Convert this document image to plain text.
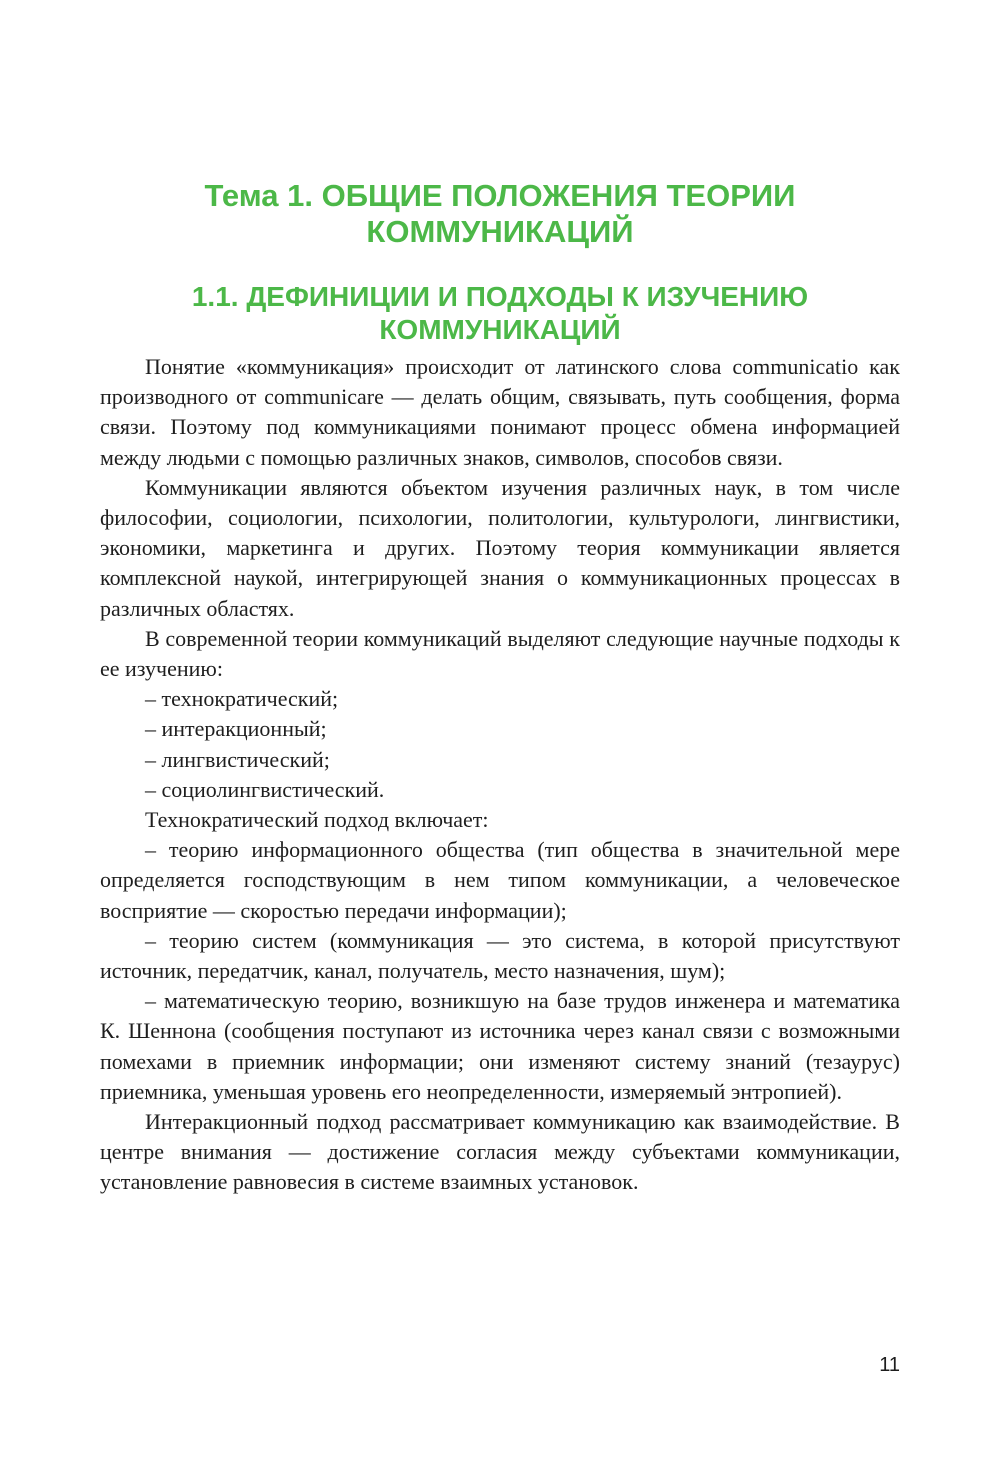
Тема 1. ОБЩИЕ ПОЛОЖЕНИЯ ТЕОРИИ
КОММУНИКАЦИЙ
1.1. ДЕФИНИЦИИ И ПОДХОДЫ К ИЗУЧЕНИЮ
КОММУНИКАЦИЙ

Понятие «коммуникация» происходит от латинского слова communicatio как производного от communicare — делать общим, связывать, путь сообщения, форма связи. Поэтому под коммуникациями понимают процесс обмена информацией между людьми с помощью различных знаков, символов, способов связи.

Коммуникации являются объектом изучения различных наук, в том числе философии, социологии, психологии, политологии, культурологи, лингвистики, экономики, маркетинга и других. Поэтому теория коммуникации является комплексной наукой, интегрирующей знания о коммуникационных процессах в различных областях.

В современной теории коммуникаций выделяют следующие научные подходы к ее изучению:

– технократический;

– интеракционный;

– лингвистический;

– социолингвистический.

Технократический подход включает:

– теорию информационного общества (тип общества в значительной мере определяется господствующим в нем типом коммуникации, а человеческое восприятие — скоростью передачи информации);

– теорию систем (коммуникация — это система, в которой присутствуют источник, передатчик, канал, получатель, место назначения, шум);

– математическую теорию, возникшую на базе трудов инженера и математика К. Шеннона (сообщения поступают из источника через канал связи с возможными помехами в приемник информации; они изменяют систему знаний (тезаурус) приемника, уменьшая уровень его неопределенности, измеряемый энтропией).

Интеракционный подход рассматривает коммуникацию как взаимодействие. В центре внимания — достижение согласия между субъектами коммуникации, установление равновесия в системе взаимных установок.

11
